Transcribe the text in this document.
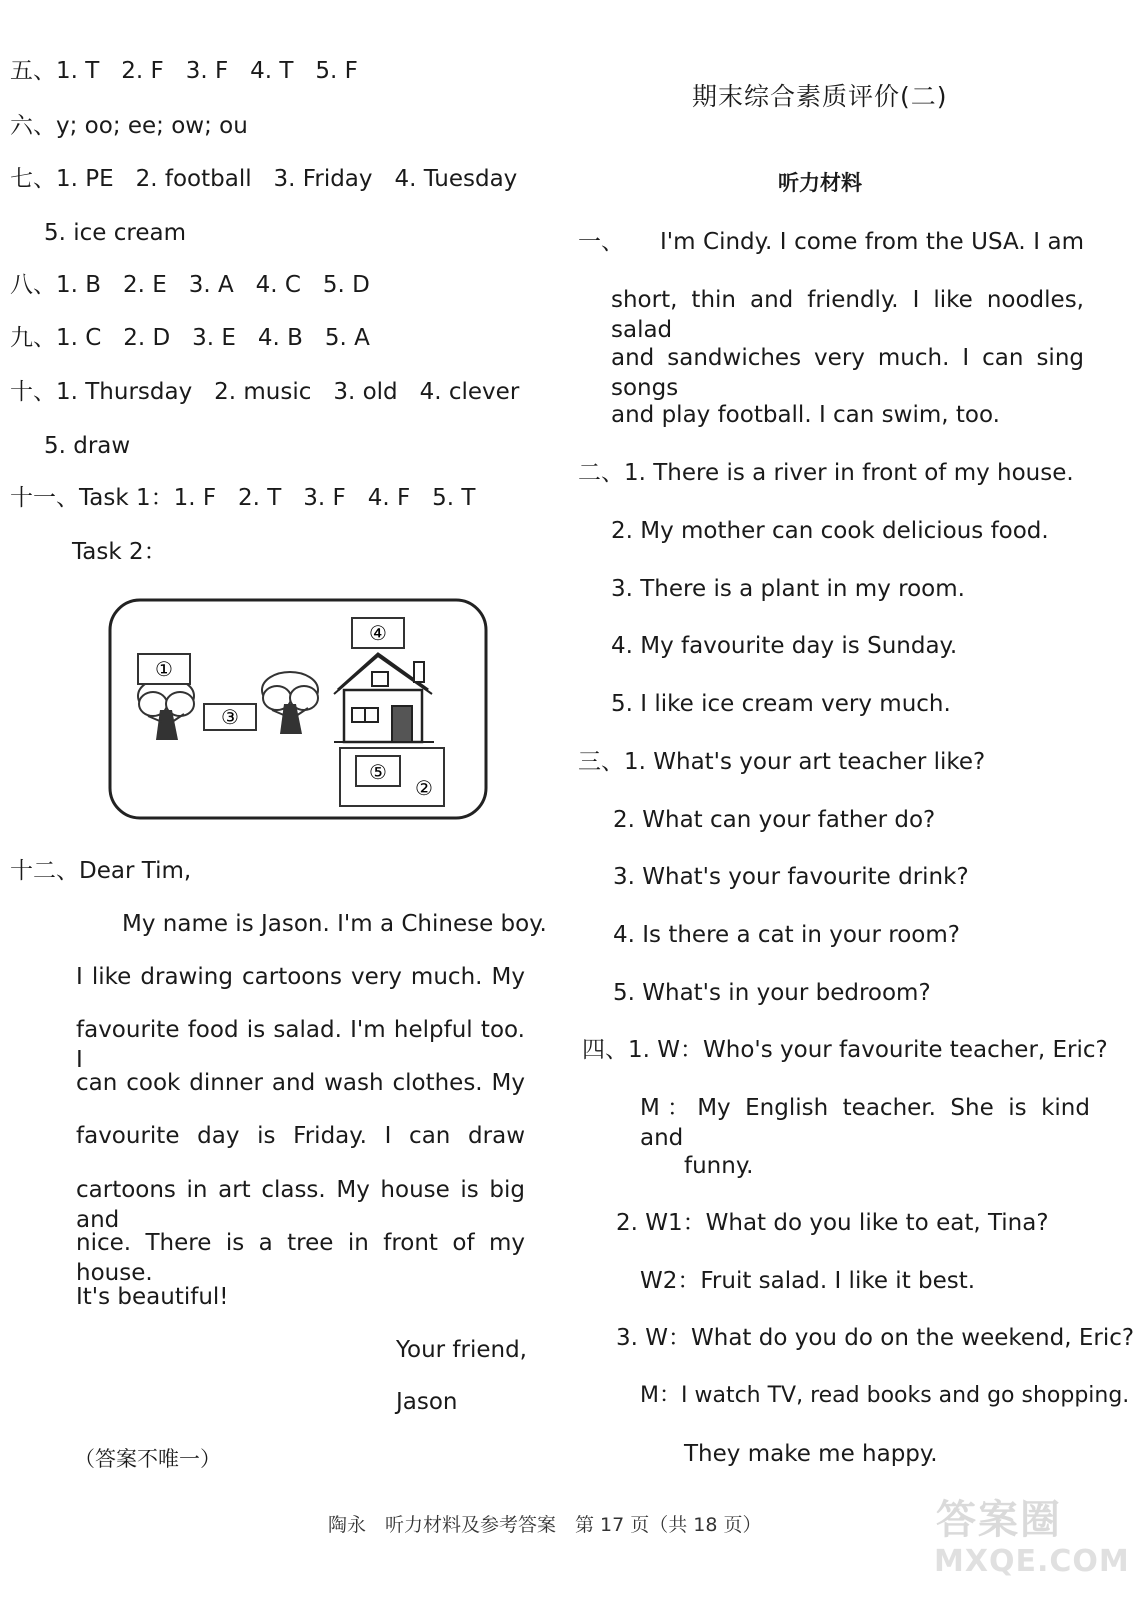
五、1. T 2. F 3. F 4. T 5. F
六、y; oo; ee; ow; ou
七、1. PE 2. football 3. Friday 4. Tuesday
5. ice cream
八、1. B 2. E 3. A 4. C 5. D
九、1. C 2. D 3. E 4. B 5. A
十、1. Thursday 2. music 3. old 4. clever
5. draw
十一、Task 1：1. F 2. T 3. F 4. F 5. T
Task 2：
①
③
④
⑤
②
十二、Dear Tim,
My name is Jason. I'm a Chinese boy.
I like drawing cartoons very much. My
favourite food is salad. I'm helpful too. I
can cook dinner and wash clothes. My
favourite day is Friday. I can draw
cartoons in art class. My house is big and
nice. There is a tree in front of my house.
It's beautiful!
Your friend,
Jason
（答案不唯一）
期末综合素质评价(二)
听力材料
一、 I'm Cindy. I come from the USA. I am
short, thin and friendly. I like noodles, salad
and sandwiches very much. I can sing songs
and play football. I can swim, too.
二、1. There is a river in front of my house.
2. My mother can cook delicious food.
3. There is a plant in my room.
4. My favourite day is Sunday.
5. I like ice cream very much.
三、1. What's your art teacher like?
2. What can your father do?
3. What's your favourite drink?
4. Is there a cat in your room?
5. What's in your bedroom?
四、1. W：Who's your favourite teacher, Eric?
M：My English teacher. She is kind and
funny.
2. W1：What do you like to eat, Tina?
W2：Fruit salad. I like it best.
3. W：What do you do on the weekend, Eric?
M：I watch TV, read books and go shopping.
They make me happy.
陶永　听力材料及参考答案　第 17 页（共 18 页）	答案圈
MXQE.COM
